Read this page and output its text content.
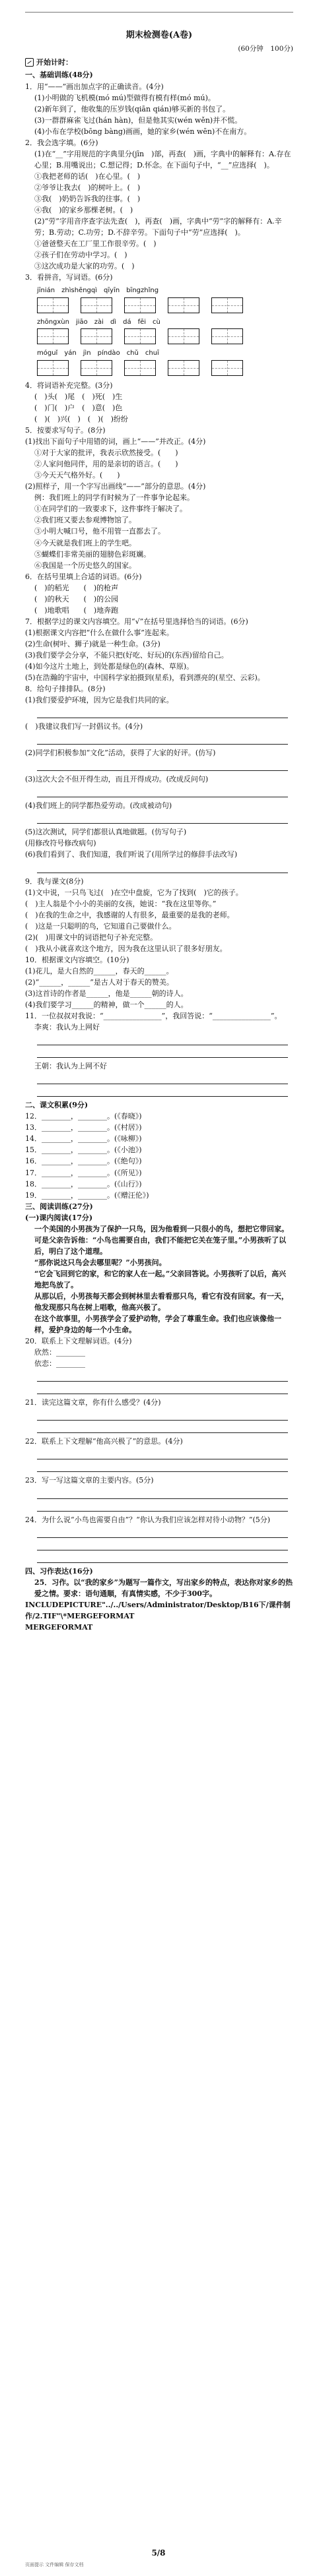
期末检测卷(A卷)
(60分钟　100分)
开始计时：

一、基础训练(48分)

1．用“——”画出加点字的正确读音。(4分)

(1)小明做的飞机模(mó mú)型做得有模有样(mó mú)。

(2)新年到了，他收集的压岁钱(qiān qián)够买新的书包了。

(3)一群群麻雀飞过(hán hàn)，但是他其实(wén wěn)并不慌。

(4)小布在学校(bōng bàng)画画，她的家乡(wén wēn)不在南方。

2．我会选字填。(6分)

(1)在“__”字用规范的字典里分(jīn　)部，再查(　)画，字典中的解释有：A.存在心里；B.用嘴说出；C.想记得；D.怀念。在下面句子中，“__”应选择(　)。

①我把老师的话(　)在心里。(　)

②爷爷让我去(　)的树叶上。(　)

③我(　)奶奶告诉我的往事。(　)

④我(　)的家乡那棵老树。(　)

(2)“劳”字用音序查字法先查(　)，再查(　)画，字典中“劳”字的解释有：A.辛劳；B.劳动；C.功劳；D.不辞辛劳。下面句子中“劳”应选择(　)。

①爸爸整天在工厂里工作很辛劳。(　)

②孩子们在劳动中学习。(　)

③这次成功是大家的功劳。(　)

3．看拼音，写词语。(6分)

jīnián zhìshēngqì qīyīn bīngzhǐng
zhōngxùn jiāo zài dì dá fēi cù
móguǐ yán jìn píndào chǔ chuī

4．将词语补充完整。(3分)

(　)头(　)尾　(　)死(　)生

(　)门(　)户　(　)意(　)色

(　)(　)兴(　)　(　)(　)纷纷

5．按要求写句子。(8分)

(1)找出下面句子中用错的词，画上“——”并改正。(4分)

①对于大家的批评，我表示欣然接受。(　　)

②人家问他同伴，用的是亲切的语言。(　　)

③今天天气格外好。(　　)

(2)照样子，用一个字写出画线“——”部分的意思。(4分)

例：我们班上的同学有时候为了一件事争论起来。

①在同学们的一致要求下，这件事终于解决了。

②我们班又要去参观博物馆了。

③小明大喊口号，他不用管一直都去了。

④今天就是我们班上的学生吧。

⑤蝴蝶们非常美丽的翅膀色彩斑斓。

⑥我国是一个历史悠久的国家。

6．在括号里填上合适的词语。(6分)

(　)的稻光　　(　)的枪声

(　)的秋天　　(　)的公园

(　)地歌唱　　(　)地奔跑

7．根据学过的课文内容填空。用“√”在括号里选择恰当的词语。(6分)

(1)根据课文内容把“什么在做什么事”连起来。

(2)生命(树叶、狮子)就是一种生命。(3分)

(3)我们要学会分享，不能只把(好吃、好玩)的(东西)留给自己。

(4)如今这片土地上，到处都是绿色的(森林、草原)。

(5)在浩瀚的宇宙中，中国科学家拍摄到(星系)，看到漂亮的(星空、云彩)。

8．给句子排排队。(8分)

(1)我们要爱护环境，因为它是我们共同的家。

(　)我建议我们写一封倡议书。(4分)

(2)同学们积极参加“文化”活动，获得了大家的好评。(仿写)

(3)这次大会不但开得生动，而且开得成功。(改成反问句)

(4)我们班上的同学都热爱劳动。(改成被动句)

(5)这次测试，同学们都很认真地做题。(仿写句子)

(用修改符号修改病句)

(6)我们看到了、我们知道，我们听说了(用所学过的修辞手法改写)

9．我与课文(8分)

(1)文中说，一只鸟飞过(　)在空中盘旋，它为了找到(　)它的孩子。

(　)主人翁是个小小的美丽的女孩，她说：“我在这里等你。”

(　)在我的生命之中，我感谢的人有很多，最重要的是我的老师。

(　)这是一只聪明的鸟，它知道自己要做什么。

(2)(　)用课文中的词语把句子补充完整。

(　)我从小就喜欢这个地方，因为我在这里认识了很多好朋友。

10．根据课文内容填空。(10分)

(1)花儿，是大自然的______，春天的______。

(2)“______，______”是古人对于春天的赞美。

(3)这首诗的作者是______，他是______朝的诗人。

(4)我们要学习______的精神，做一个______的人。

11．一位叔叔对我说：“________________”，我回答说：“________________”。

李爽：我认为上网好

王朝：我认为上网不好

二、课文积累(9分)

12．________，________。(《春晓》)

13．________，________。(《村居》)

14．________，________。(《咏柳》)

15．________，________。(《小池》)

16．________，________。(《绝句》)

17．________，________。(《所见》)

18．________，________。(《山行》)

19．________，________。(《赠汪伦》)

三、阅读训练(27分)

(一)课内阅读(17分)

一个美国的小男孩为了保护一只鸟，因为他看到一只很小的鸟，想把它带回家。可是父亲告诉他：“小鸟也需要自由，我们不能把它关在笼子里。”小男孩听了以后，明白了这个道理。

“那你说这只鸟会去哪里呢？”小男孩问。

“它会飞回到它的家，和它的家人在一起。”父亲回答说。小男孩听了以后，高兴地把鸟放了。

从那以后，小男孩每天都会到树林里去看看那只鸟，看它有没有回家。有一天，他发现那只鸟在树上唱歌，他高兴极了。

在这个故事里，小男孩学会了爱护动物，学会了尊重生命。我们也应该像他一样，爱护身边的每一个小生命。

20．联系上下文理解词语。(4分)

欣然：________

依恋：________

21．读完这篇文章，你有什么感受？(4分)

22．联系上下文理解“他高兴极了”的意思。(4分)

23．写一写这篇文章的主要内容。(5分)

24．为什么说“小鸟也需要自由”？“你认为我们应该怎样对待小动物？”(5分)

四、习作表达(16分)

25．习作。以“我的家乡”为题写一篇作文，写出家乡的特点，表达你对家乡的热爱之情。要求：语句通顺，有真情实感，不少于300字。

INCLUDEPICTURE"../../Users/Administrator/Desktop/B16下/课件制作/2.TIF"\*MERGEFORMAT

MERGEFORMAT

5/8
页面提示 文件编辑 保存文档
